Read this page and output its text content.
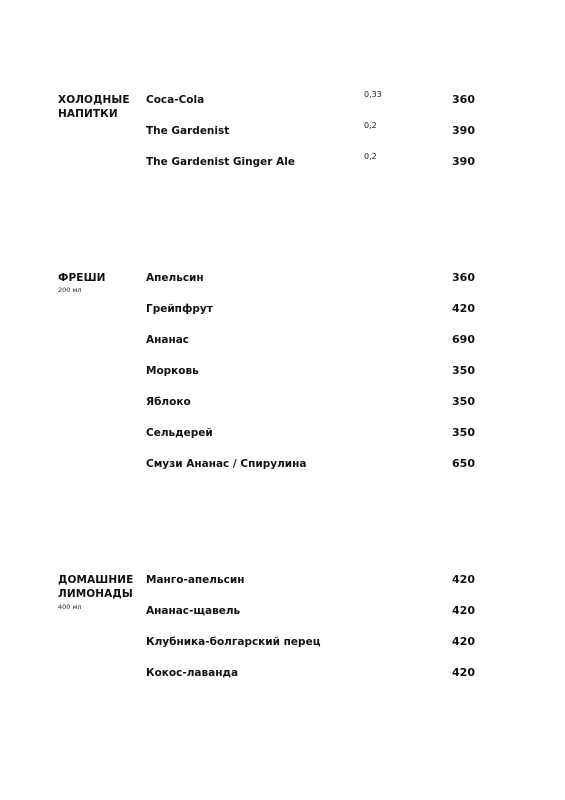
ХОЛОДНЫЕ
НАПИТКИ
Coca-Cola	0,33	360
The Gardenist	0,2	390
The Gardenist Ginger Ale	0,2	390
ФРЕШИ
200 мл
Апельсин	360
Грейпфрут	420
Ананас	690
Морковь	350
Яблоко	350
Сельдерей	350
Смузи Ананас / Спирулина	650
ДОМАШНИЕ
ЛИМОНАДЫ
400 мл
Манго-апельсин	420
Ананас-щавель	420
Клубника-болгарский перец	420
Кокос-лаванда	420
